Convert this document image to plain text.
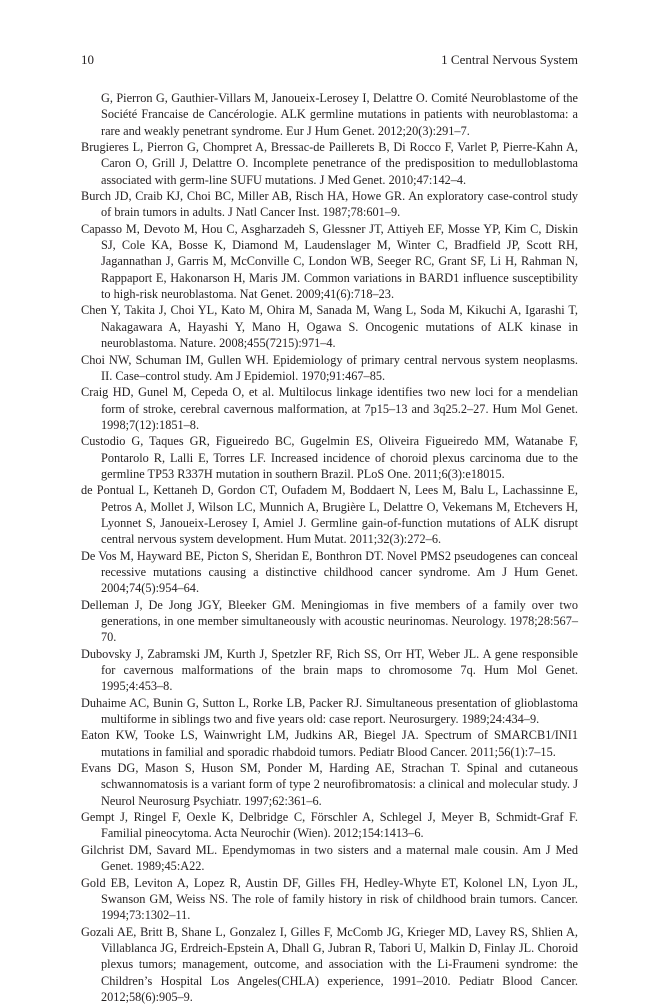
10	1 Central Nervous System

G, Pierron G, Gauthier-Villars M, Janoueix-Lerosey I, Delattre O. Comité Neuroblastome of the Société Francaise de Cancérologie. ALK germline mutations in patients with neuroblastoma: a rare and weakly penetrant syndrome. Eur J Hum Genet. 2012;20(3):291–7.

Brugieres L, Pierron G, Chompret A, Bressac-de Paillerets B, Di Rocco F, Varlet P, Pierre-Kahn A, Caron O, Grill J, Delattre O. Incomplete penetrance of the predisposition to medulloblastoma associated with germ-line SUFU mutations. J Med Genet. 2010;47:142–4.

Burch JD, Craib KJ, Choi BC, Miller AB, Risch HA, Howe GR. An exploratory case-control study of brain tumors in adults. J Natl Cancer Inst. 1987;78:601–9.

Capasso M, Devoto M, Hou C, Asgharzadeh S, Glessner JT, Attiyeh EF, Mosse YP, Kim C, Diskin SJ, Cole KA, Bosse K, Diamond M, Laudenslager M, Winter C, Bradfield JP, Scott RH, Jagannathan J, Garris M, McConville C, London WB, Seeger RC, Grant SF, Li H, Rahman N, Rappaport E, Hakonarson H, Maris JM. Common variations in BARD1 influence susceptibility to high-risk neuroblastoma. Nat Genet. 2009;41(6):718–23.

Chen Y, Takita J, Choi YL, Kato M, Ohira M, Sanada M, Wang L, Soda M, Kikuchi A, Igarashi T, Nakagawara A, Hayashi Y, Mano H, Ogawa S. Oncogenic mutations of ALK kinase in neuroblastoma. Nature. 2008;455(7215):971–4.

Choi NW, Schuman IM, Gullen WH. Epidemiology of primary central nervous system neoplasms. II. Case–control study. Am J Epidemiol. 1970;91:467–85.

Craig HD, Gunel M, Cepeda O, et al. Multilocus linkage identifies two new loci for a mendelian form of stroke, cerebral cavernous malformation, at 7p15–13 and 3q25.2–27. Hum Mol Genet. 1998;7(12):1851–8.

Custodio G, Taques GR, Figueiredo BC, Gugelmin ES, Oliveira Figueiredo MM, Watanabe F, Pontarolo R, Lalli E, Torres LF. Increased incidence of choroid plexus carcinoma due to the germline TP53 R337H mutation in southern Brazil. PLoS One. 2011;6(3):e18015.

de Pontual L, Kettaneh D, Gordon CT, Oufadem M, Boddaert N, Lees M, Balu L, Lachassinne E, Petros A, Mollet J, Wilson LC, Munnich A, Brugière L, Delattre O, Vekemans M, Etchevers H, Lyonnet S, Janoueix-Lerosey I, Amiel J. Germline gain-of-function mutations of ALK disrupt central nervous system development. Hum Mutat. 2011;32(3):272–6.

De Vos M, Hayward BE, Picton S, Sheridan E, Bonthron DT. Novel PMS2 pseudogenes can conceal recessive mutations causing a distinctive childhood cancer syndrome. Am J Hum Genet. 2004;74(5):954–64.

Delleman J, De Jong JGY, Bleeker GM. Meningiomas in five members of a family over two generations, in one member simultaneously with acoustic neurinomas. Neurology. 1978;28:567–70.

Dubovsky J, Zabramski JM, Kurth J, Spetzler RF, Rich SS, Orr HT, Weber JL. A gene responsible for cavernous malformations of the brain maps to chromosome 7q. Hum Mol Genet. 1995;4:453–8.

Duhaime AC, Bunin G, Sutton L, Rorke LB, Packer RJ. Simultaneous presentation of glioblastoma multiforme in siblings two and five years old: case report. Neurosurgery. 1989;24:434–9.

Eaton KW, Tooke LS, Wainwright LM, Judkins AR, Biegel JA. Spectrum of SMARCB1/INI1 mutations in familial and sporadic rhabdoid tumors. Pediatr Blood Cancer. 2011;56(1):7–15.

Evans DG, Mason S, Huson SM, Ponder M, Harding AE, Strachan T. Spinal and cutaneous schwannomatosis is a variant form of type 2 neurofibromatosis: a clinical and molecular study. J Neurol Neurosurg Psychiatr. 1997;62:361–6.

Gempt J, Ringel F, Oexle K, Delbridge C, Förschler A, Schlegel J, Meyer B, Schmidt-Graf F. Familial pineocytoma. Acta Neurochir (Wien). 2012;154:1413–6.

Gilchrist DM, Savard ML. Ependymomas in two sisters and a maternal male cousin. Am J Med Genet. 1989;45:A22.

Gold EB, Leviton A, Lopez R, Austin DF, Gilles FH, Hedley-Whyte ET, Kolonel LN, Lyon JL, Swanson GM, Weiss NS. The role of family history in risk of childhood brain tumors. Cancer. 1994;73:1302–11.

Gozali AE, Britt B, Shane L, Gonzalez I, Gilles F, McComb JG, Krieger MD, Lavey RS, Shlien A, Villablanca JG, Erdreich-Epstein A, Dhall G, Jubran R, Tabori U, Malkin D, Finlay JL. Choroid plexus tumors; management, outcome, and association with the Li-Fraumeni syndrome: the Children’s Hospital Los Angeles(CHLA) experience, 1991–2010. Pediatr Blood Cancer. 2012;58(6):905–9.
